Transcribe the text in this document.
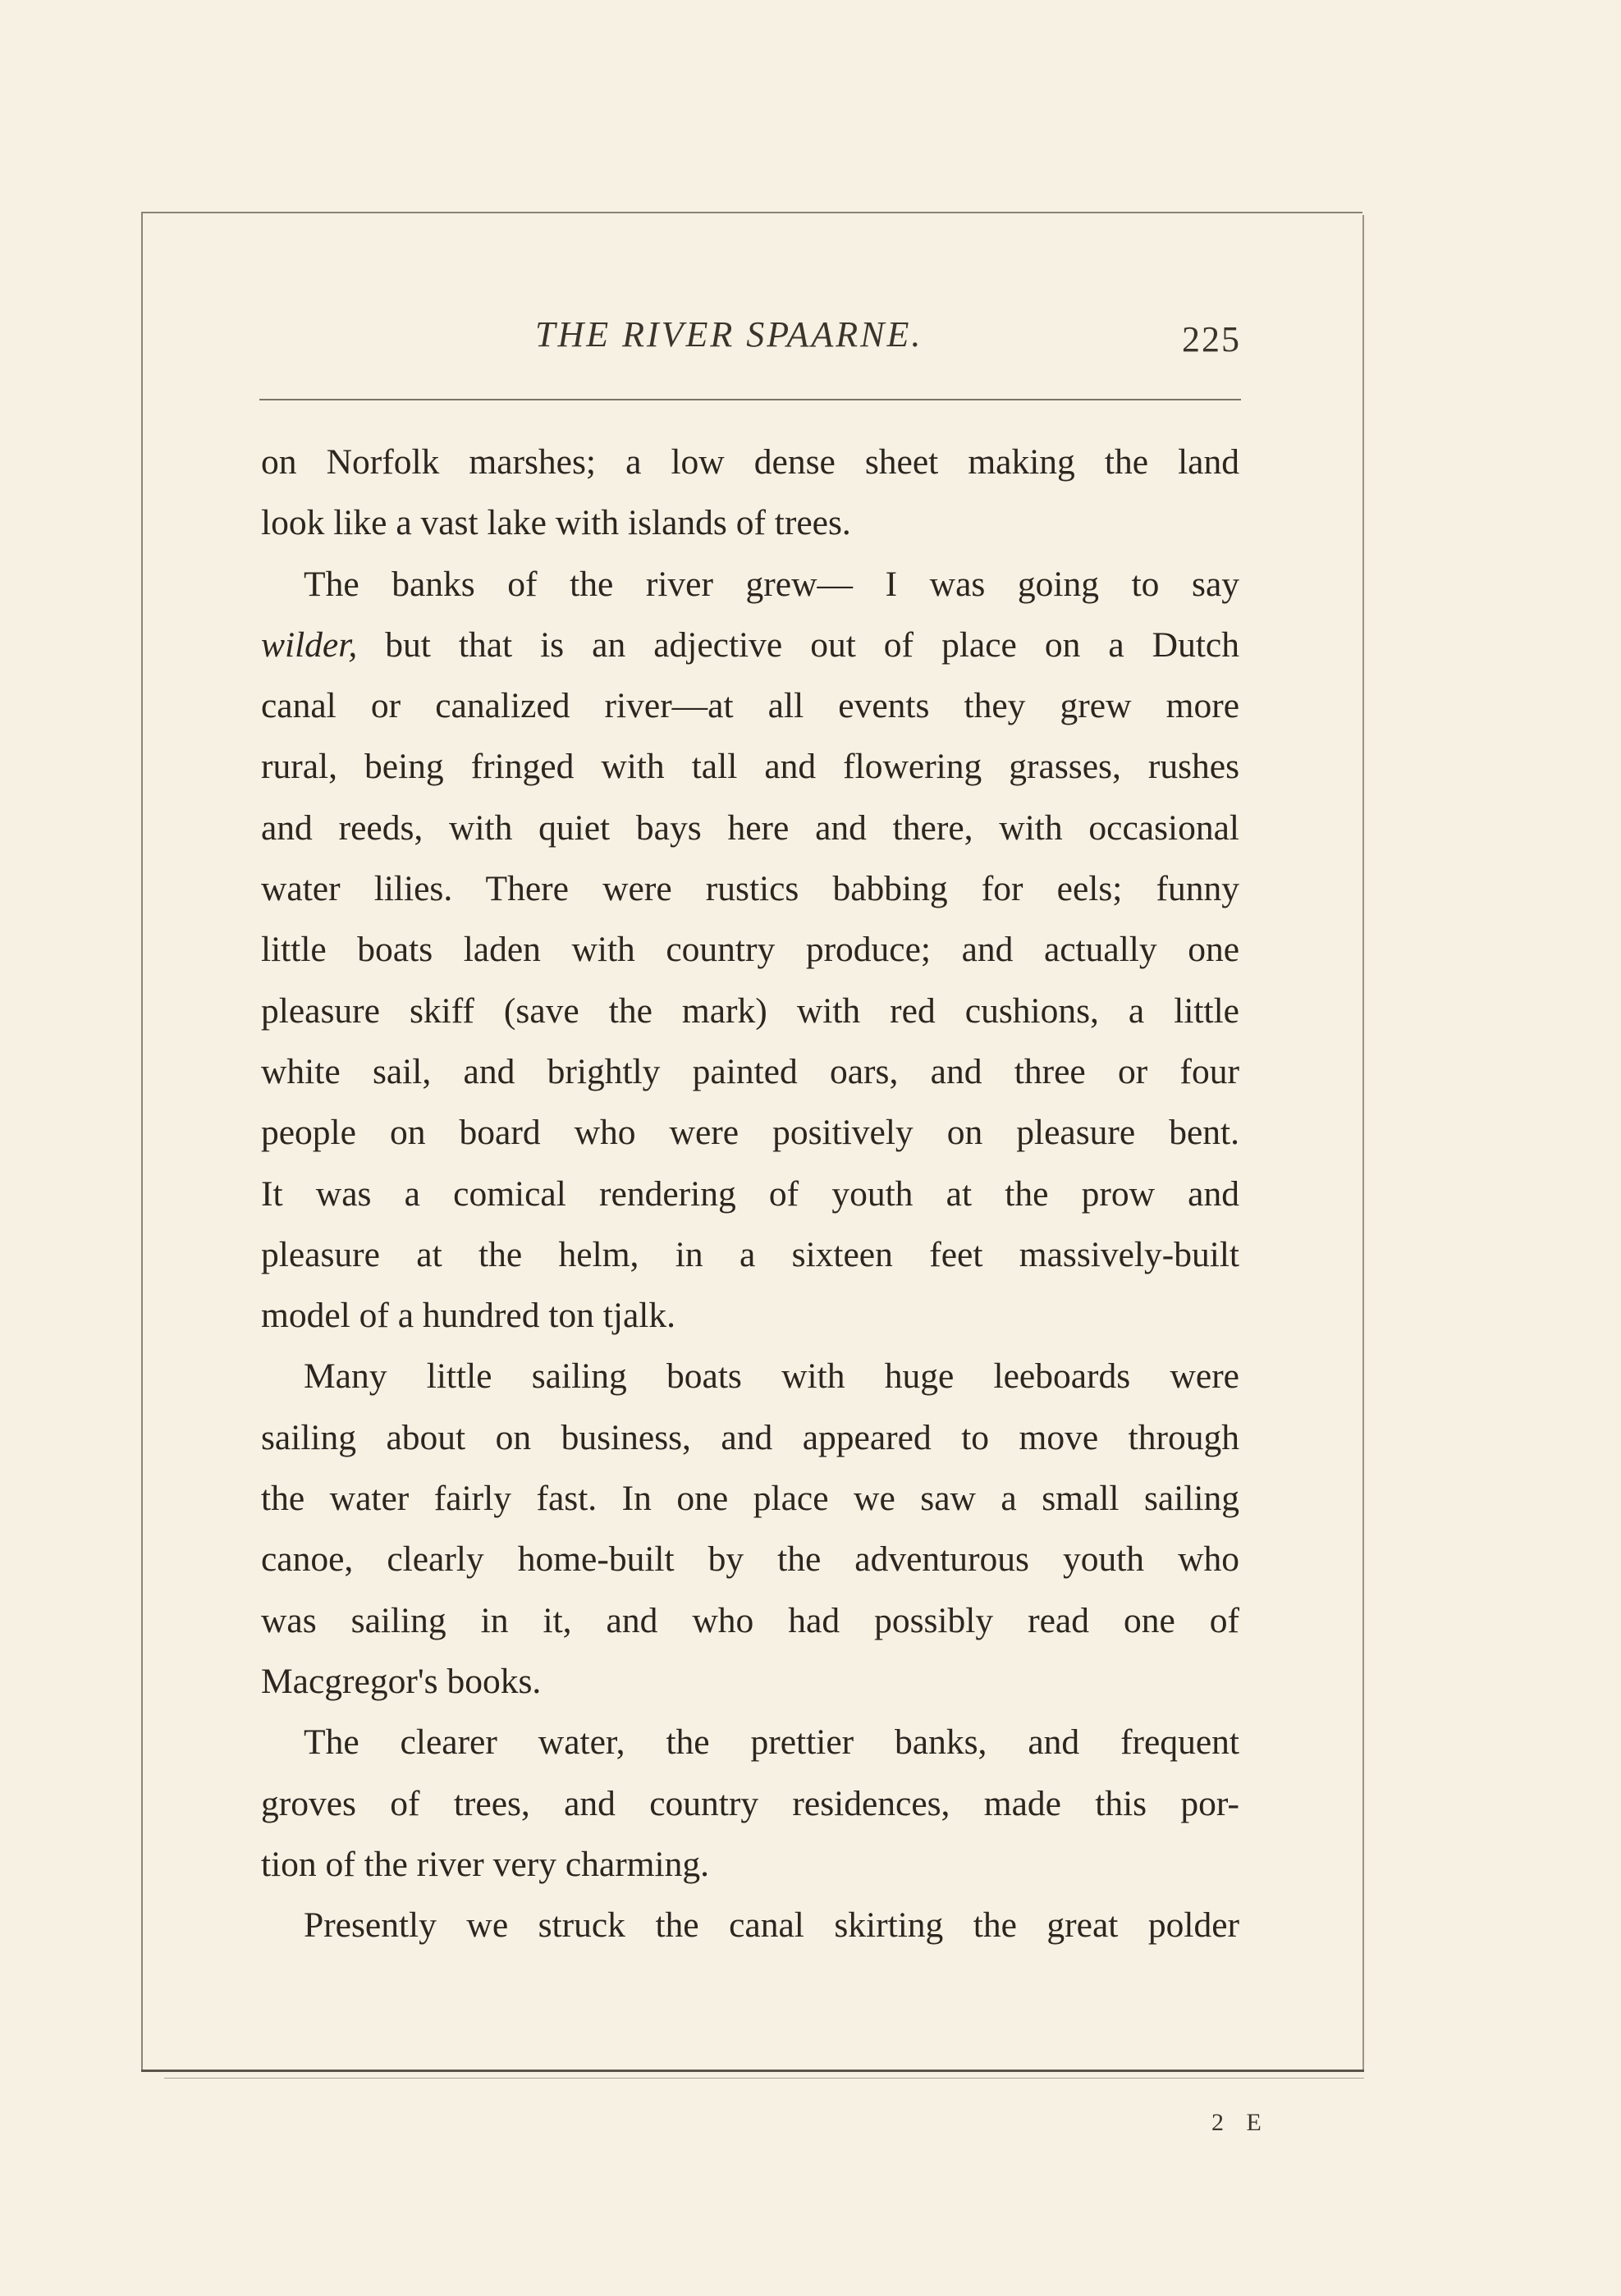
THE RIVER SPAARNE.	225
on Norfolk marshes; a low dense sheet making the land
look like a vast lake with islands of trees.
The banks of the river grew— I was going to say
wilder, but that is an adjective out of place on a Dutch
canal or canalized river—at all events they grew more
rural, being fringed with tall and flowering grasses, rushes
and reeds, with quiet bays here and there, with occasional
water lilies. There were rustics babbing for eels; funny
little boats laden with country produce; and actually one
pleasure skiff (save the mark) with red cushions, a little
white sail, and brightly painted oars, and three or four
people on board who were positively on pleasure bent.
It was a comical rendering of youth at the prow and
pleasure at the helm, in a sixteen feet massively-built
model of a hundred ton tjalk.
Many little sailing boats with huge leeboards were
sailing about on business, and appeared to move through
the water fairly fast. In one place we saw a small sailing
canoe, clearly home-built by the adventurous youth who
was sailing in it, and who had possibly read one of
Macgregor's books.
The clearer water, the prettier banks, and frequent
groves of trees, and country residences, made this por-
tion of the river very charming.
Presently we struck the canal skirting the great polder
2 E
